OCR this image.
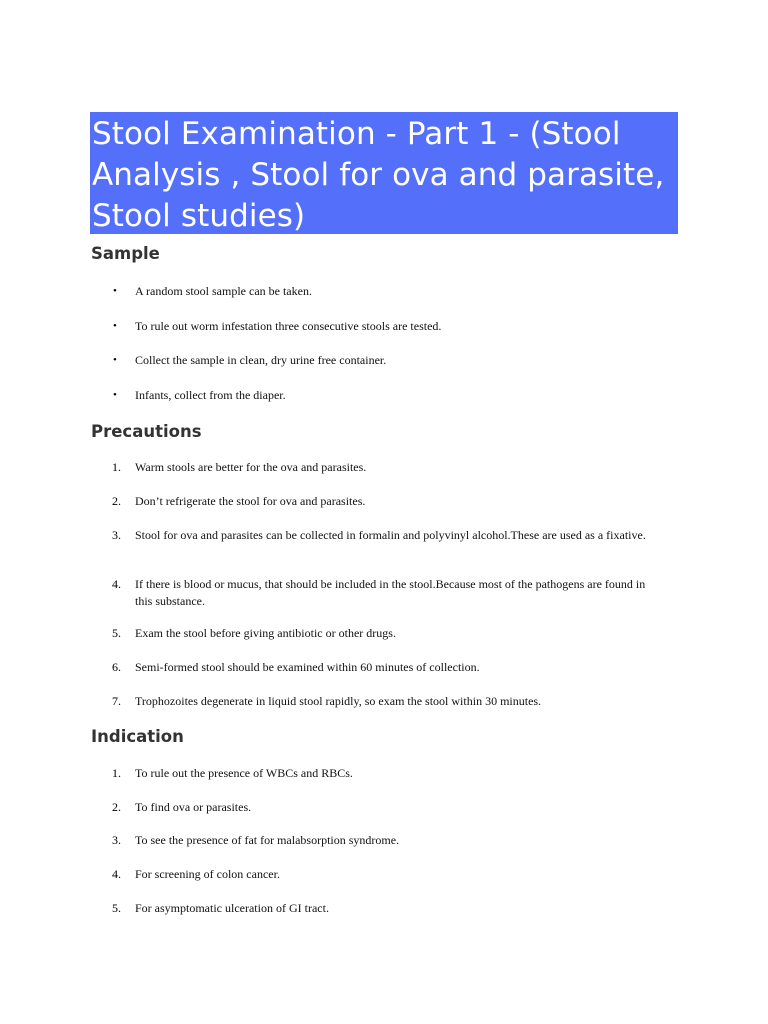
Stool Examination - Part 1 - (Stool Analysis , Stool for ova and parasite, Stool studies)
Sample
• A random stool sample can be taken.
• To rule out worm infestation three consecutive stools are tested.
• Collect the sample in clean, dry urine free container.
• Infants, collect from the diaper.
Precautions
1. Warm stools are better for the ova and parasites.
2. Don’t refrigerate the stool for ova and parasites.
3. Stool for ova and parasites can be collected in formalin and polyvinyl alcohol.These are used as a fixative.
4. If there is blood or mucus, that should be included in the stool.Because most of the pathogens are found in this substance.
5. Exam the stool before giving antibiotic or other drugs.
6. Semi-formed stool should be examined within 60 minutes of collection.
7. Trophozoites degenerate in liquid stool rapidly, so exam the stool within 30 minutes.
Indication
1. To rule out the presence of WBCs and RBCs.
2. To find ova or parasites.
3. To see the presence of fat for malabsorption syndrome.
4. For screening of colon cancer.
5. For asymptomatic ulceration of GI tract.
